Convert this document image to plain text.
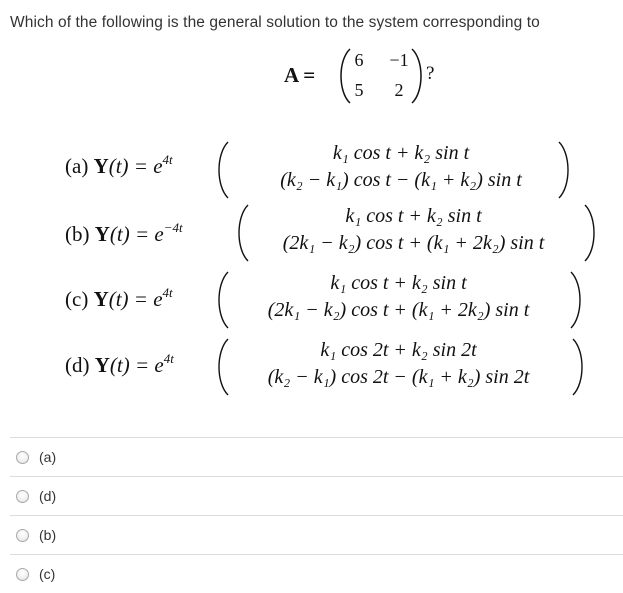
Which of the following is the general solution to the system corresponding to
A =
6	−1
5	2
?
(a) $Y(t) = e^{4t}$	k₁ cos t + k₂ sin t
(k₂ − k₁) cos t − (k₁ + k₂) sin t
(b) $Y(t) = e^{-4t}$
k₁ cos t + k₂ sin t
(2k₁ − k₂) cos t + (k₁ + 2k₂) sin t
(c) $Y(t) = e^{4t}$	k₁ cos t + k₂ sin t
(2k₁ − k₂) cos t + (k₁ + 2k₂) sin t
(d) $Y(t) = e^{4t}$	k₁ cos 2t + k₂ sin 2t
(k₂ − k₁) cos 2t − (k₁ + k₂) sin 2t
(a)
(d)
(b)
(c)
